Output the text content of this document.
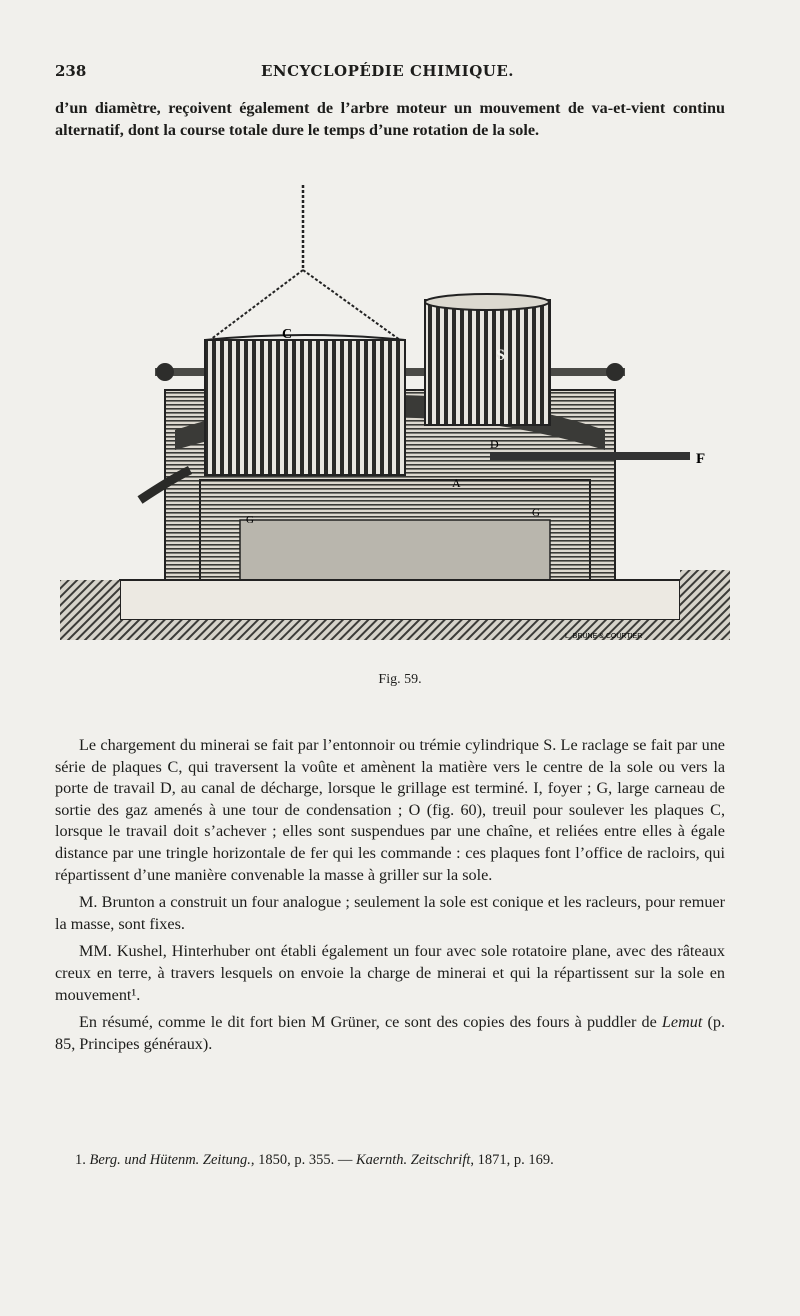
238	ENCYCLOPÉDIE CHIMIQUE.

d’un diamètre, reçoivent également de l’arbre moteur un mouvement de va-et-vient continu alternatif, dont la course totale dure le temps d’une rotation de la sole.

C
S
F
D
A
G
G
L. BRUNE & COURTIER
Fig. 59.

Le chargement du minerai se fait par l’entonnoir ou trémie cylindrique S. Le raclage se fait par une série de plaques C, qui traversent la voûte et amènent la matière vers le centre de la sole ou vers la porte de travail D, au canal de décharge, lorsque le grillage est terminé. I, foyer ; G, large carneau de sortie des gaz amenés à une tour de condensation ; O (fig. 60), treuil pour soulever les plaques C, lorsque le travail doit s’achever ; elles sont suspendues par une chaîne, et reliées entre elles à égale distance par une tringle horizontale de fer qui les commande : ces plaques font l’office de racloirs, qui répartissent d’une manière convenable la masse à griller sur la sole.

M. Brunton a construit un four analogue ; seulement la sole est conique et les racleurs, pour remuer la masse, sont fixes.

MM. Kushel, Hinterhuber ont établi également un four avec sole rotatoire plane, avec des râteaux creux en terre, à travers lesquels on envoie la charge de minerai et qui la répartissent sur la sole en mouvement¹.

En résumé, comme le dit fort bien M Grüner, ce sont des copies des fours à puddler de Lemut (p. 85, Principes généraux).

1. Berg. und Hütenm. Zeitung., 1850, p. 355. — Kaernth. Zeitschrift, 1871, p. 169.
